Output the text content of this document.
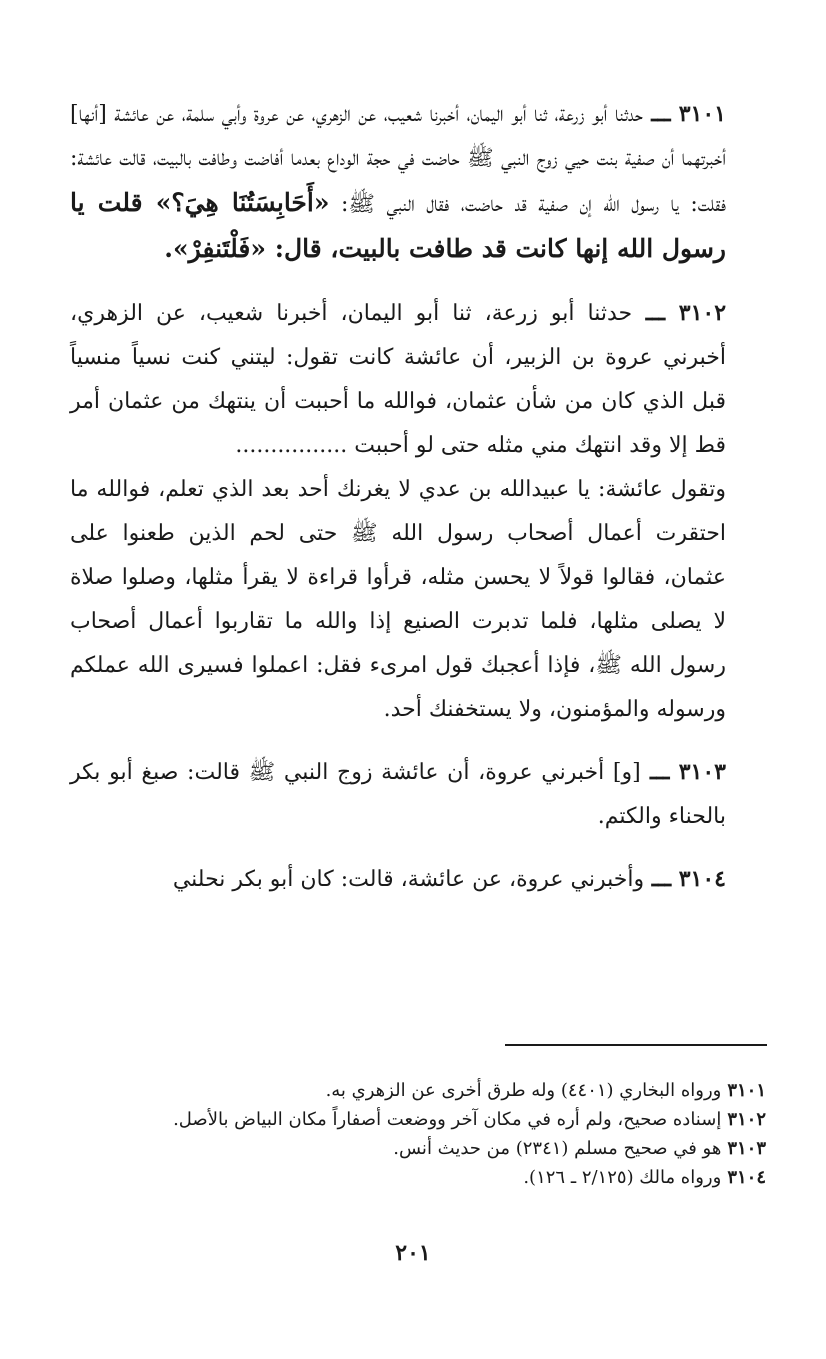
٣١٠١ ـــ حدثنا أبو زرعة، ثنا أبو اليمان، أخبرنا شعيب، عن الزهري، عن عروة وأبي سلمة، عن عائشة [أنها] أخبرتهما أن صفية بنت حيي زوج النبي ﷺ حاضت في حجة الوداع بعدما أفاضت وطافت بالبيت، قالت عائشة: فقلت: يا رسول الله إن صفية قد حاضت، فقال النبي ﷺ: «أَحَابِسَتُنَا هِيَ؟» قلت يا رسول الله إنها كانت قد طافت بالبيت، قال: «فَلْتَنفِرْ».

٣١٠٢ ـــ حدثنا أبو زرعة، ثنا أبو اليمان، أخبرنا شعيب، عن الزهري، أخبرني عروة بن الزبير، أن عائشة كانت تقول: ليتني كنت نسياً منسياً قبل الذي كان من شأن عثمان، فوالله ما أحببت أن ينتهك من عثمان أمر قط إلا وقد انتهك مني مثله حتى لو أحببت ................

وتقول عائشة: يا عبيدالله بن عدي لا يغرنك أحد بعد الذي تعلم، فوالله ما احتقرت أعمال أصحاب رسول الله ﷺ حتى لحم الذين طعنوا على عثمان، فقالوا قولاً لا يحسن مثله، قرأوا قراءة لا يقرأ مثلها، وصلوا صلاة لا يصلى مثلها، فلما تدبرت الصنيع إذا والله ما تقاربوا أعمال أصحاب رسول الله ﷺ، فإذا أعجبك قول امرىء فقل: اعملوا فسيرى الله عملكم ورسوله والمؤمنون، ولا يستخفنك أحد.

٣١٠٣ ـــ [و] أخبرني عروة، أن عائشة زوج النبي ﷺ قالت: صبغ أبو بكر بالحناء والكتم.

٣١٠٤ ـــ وأخبرني عروة، عن عائشة، قالت: كان أبو بكر نحلني

٣١٠١ورواه البخاري (٤٤٠١) وله طرق أخرى عن الزهري به.

٣١٠٢إسناده صحيح، ولم أره في مكان آخر ووضعت أصفاراً مكان البياض بالأصل.

٣١٠٣هو في صحيح مسلم (٢٣٤١) من حديث أنس.

٣١٠٤ورواه مالك (٢/١٢٥ ـ ١٢٦).

٢٠١
